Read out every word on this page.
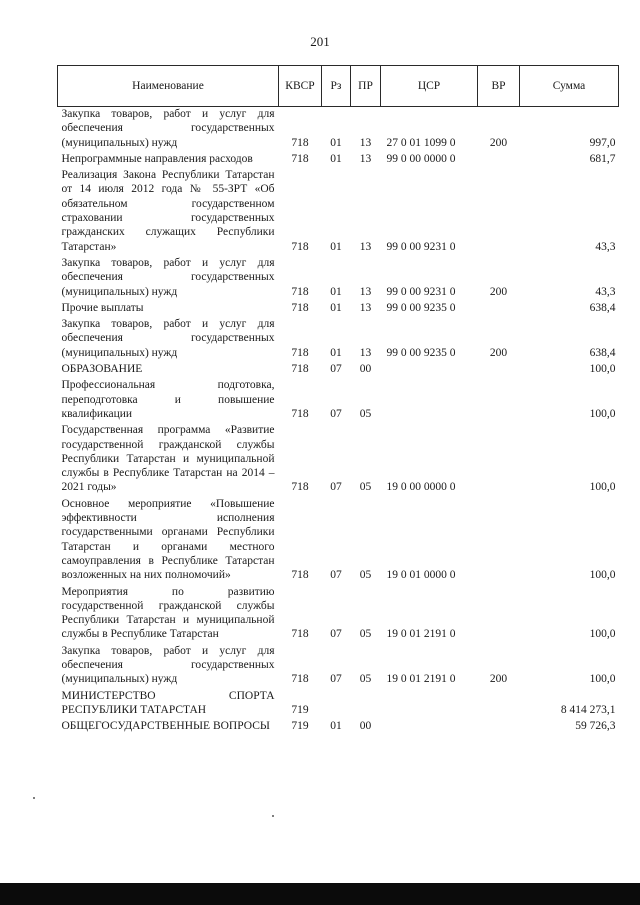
201
Наименование	КВСР	Рз	ПР	ЦСР	ВР	Сумма
Закупка товаров, работ и услуг для обеспечения государственных (муниципальных) нужд	718	01	13	27 0 01 1099 0	200	997,0
Непрограммные направления расходов	718	01	13	99 0 00 0000 0		681,7
Реализация Закона Республики Татарстан от 14 июля 2012 года № 55-ЗРТ «Об обязательном государственном страховании государственных гражданских служащих Республики Татарстан»	718	01	13	99 0 00 9231 0		43,3
Закупка товаров, работ и услуг для обеспечения государственных (муниципальных) нужд	718	01	13	99 0 00 9231 0	200	43,3
Прочие выплаты	718	01	13	99 0 00 9235 0		638,4
Закупка товаров, работ и услуг для обеспечения государственных (муниципальных) нужд	718	01	13	99 0 00 9235 0	200	638,4
ОБРАЗОВАНИЕ	718	07	00			100,0
Профессиональная подготовка, переподготовка и повышение квалификации	718	07	05			100,0
Государственная программа «Развитие государственной гражданской службы Республики Татарстан и муниципальной службы в Республике Татарстан на 2014 – 2021 годы»	718	07	05	19 0 00 0000 0		100,0
Основное мероприятие «Повышение эффективности исполнения государственными органами Республики Татарстан и органами местного самоуправления в Республике Татарстан возложенных на них полномочий»	718	07	05	19 0 01 0000 0		100,0
Мероприятия по развитию государственной гражданской службы Республики Татарстан и муниципальной службы в Республике Татарстан	718	07	05	19 0 01 2191 0		100,0
Закупка товаров, работ и услуг для обеспечения государственных (муниципальных) нужд	718	07	05	19 0 01 2191 0	200	100,0
МИНИСТЕРСТВО СПОРТА РЕСПУБЛИКИ ТАТАРСТАН	719					8 414 273,1
ОБЩЕГОСУДАРСТВЕННЫЕ ВОПРОСЫ	719	01	00			59 726,3
